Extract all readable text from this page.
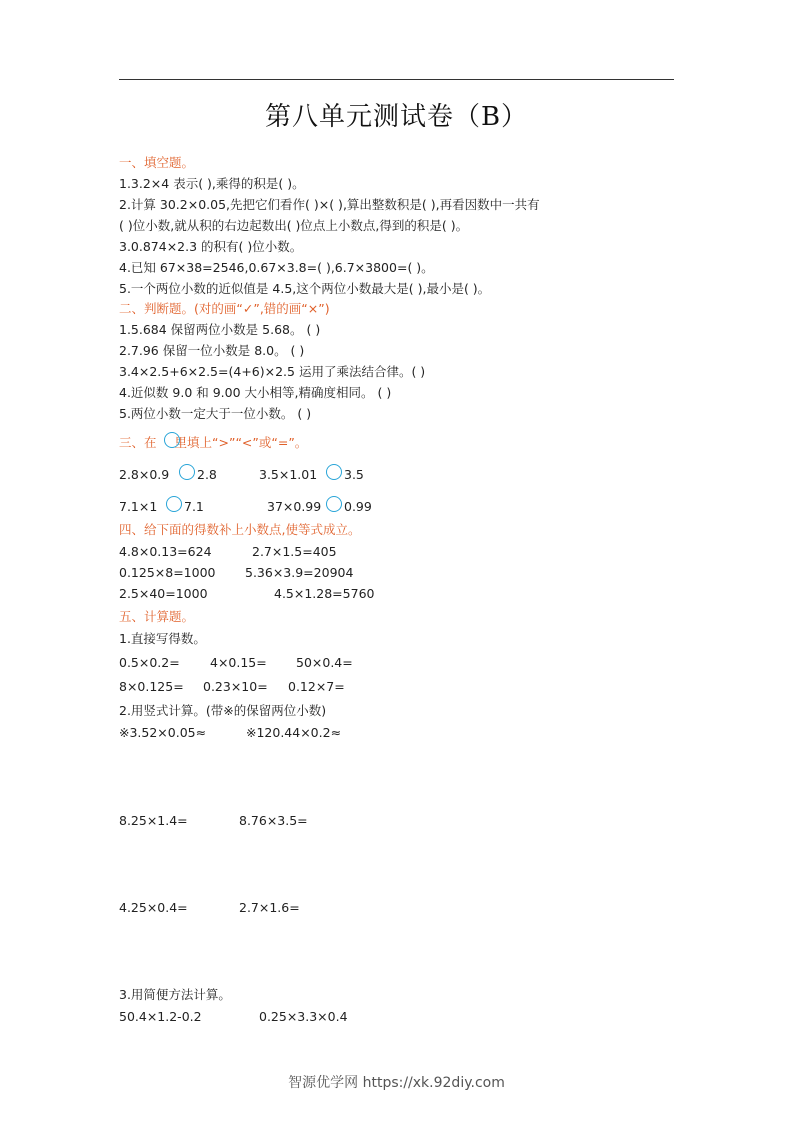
第八单元测试卷（B）
一、填空题。
1.3.2×4 表示( ),乘得的积是( )。
2.计算 30.2×0.05,先把它们看作( )×( ),算出整数积是( ),再看因数中一共有
( )位小数,就从积的右边起数出( )位点上小数点,得到的积是( )。
3.0.874×2.3 的积有( )位小数。
4.已知 67×38=2546,0.67×3.8=( ),6.7×3800=( )。
5.一个两位小数的近似值是 4.5,这个两位小数最大是( ),最小是( )。
二、判断题。(对的画“✓”,错的画“×”)
1.5.684 保留两位小数是 5.68。 ( )
2.7.96 保留一位小数是 8.0。 ( )
3.4×2.5+6×2.5=(4+6)×2.5 运用了乘法结合律。( )
4.近似数 9.0 和 9.00 大小相等,精确度相同。 ( )
5.两位小数一定大于一位小数。 ( )
三、在 里填上“>”“<”或“=”。
2.8×0.9 2.8	3.5×1.01 3.5
7.1×1 7.1	37×0.99 0.99
四、给下面的得数补上小数点,使等式成立。
4.8×0.13=624	2.7×1.5=405
0.125×8=1000 5.36×3.9=20904
2.5×40=1000	4.5×1.28=5760
五、计算题。
1.直接写得数。
0.5×0.2= 4×0.15= 50×0.4=
8×0.125= 0.23×10= 0.12×7=
2.用竖式计算。(带※的保留两位小数)
※3.52×0.05≈	※120.44×0.2≈
8.25×1.4=	8.76×3.5=
4.25×0.4=	2.7×1.6=
3.用简便方法计算。
50.4×1.2-0.2	0.25×3.3×0.4
智源优学网 https://xk.92diy.com
